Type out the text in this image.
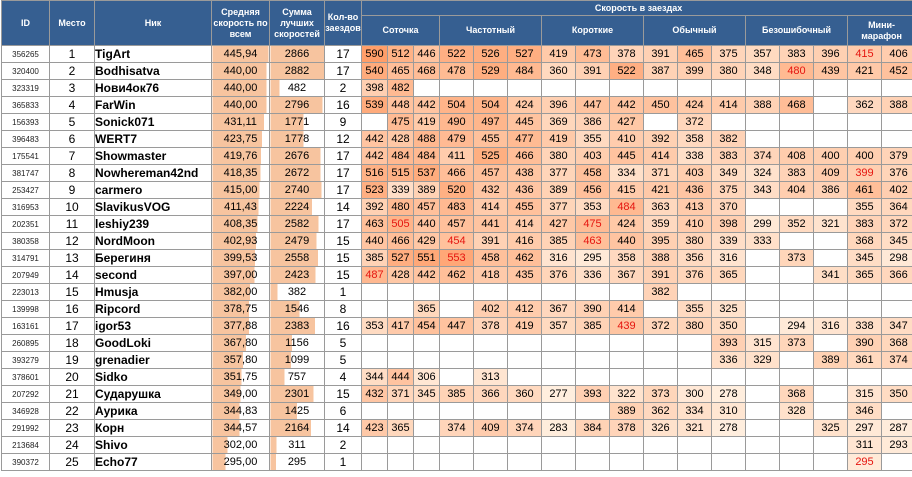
ID	Место	Ник	Средняя скорость по всем	Сумма лучших скоростей	Кол-во заездов	Скорость в заездах																
						Соточка			Частотный			Короткие			Обычный			Безошибочный			Мини-марафон	
356265	1	TigArt	445,94	2866	17	590	512	446	522	526	527	419	473	378	391	465	375	357	383	396	415	406
320400	2	Bodhisatva	440,00	2882	17	540	465	468	478	529	484	360	391	522	387	399	380	348	480	439	421	452
323319	3	Нови4ок76	440,00	482	2	398	482															
365833	4	FarWin	440,00	2796	16	539	448	442	504	504	424	396	447	442	450	424	414	388	468		362	388
156393	5	Sonick071	431,11	1771	9		475	419	490	497	445	369	386	427		372						
396483	6	WERT7	423,75	1778	12	442	428	488	479	455	477	419	355	410	392	358	382					
175541	7	Showmaster	419,76	2676	17	442	484	484	411	525	466	380	403	445	414	338	383	374	408	400	400	379
381747	8	Nowhereman42nd	418,35	2672	17	516	515	537	466	457	438	377	458	334	371	403	349	324	383	409	399	376
253427	9	carmero	415,00	2740	17	523	339	389	520	432	436	389	456	415	421	436	375	343	404	386	461	402
316953	10	SlavikusVOG	411,43	2224	14	392	480	457	483	414	455	377	353	484	363	413	370				355	364
202351	11	leshiy239	408,35	2582	17	463	505	440	457	441	414	427	475	424	359	410	398	299	352	321	383	372
380358	12	NordMoon	402,93	2479	15	440	466	429	454	391	416	385	463	440	395	380	339	333			368	345
314791	13	Берегиня	399,53	2558	15	385	527	551	553	458	462	316	295	358	388	356	316		373		345	298
207949	14	second	397,00	2423	15	487	428	442	462	418	435	376	336	367	391	376	365			341	365	366
223013	15	Hmusja	382,00	382	1										382							
139998	16	Ripcord	378,75	1546	8			365		402	412	367	390	414		355	325					
163161	17	igor53	377,88	2383	16	353	417	454	447	378	419	357	385	439	372	380	350		294	316	338	347
260895	18	GoodLoki	367,80	1156	5												393	315	373		390	368
393279	19	grenadier	357,80	1099	5												336	329		389	361	374
378601	20	Sidko	351,75	757	4	344	444	306		313												
207292	21	Сударушка	349,00	2301	15	432	371	345	385	366	360	277	393	322	373	300	278		368		315	350
346928	22	Аурика	344,83	1425	6									389	362	334	310		328		346	
291992	23	Корн	344,57	2164	14	423	365		374	409	374	283	384	378	326	321	278			325	297	287
213684	24	Shivo	302,00	311	2																311	293
390372	25	Echo77	295,00	295	1																295	
